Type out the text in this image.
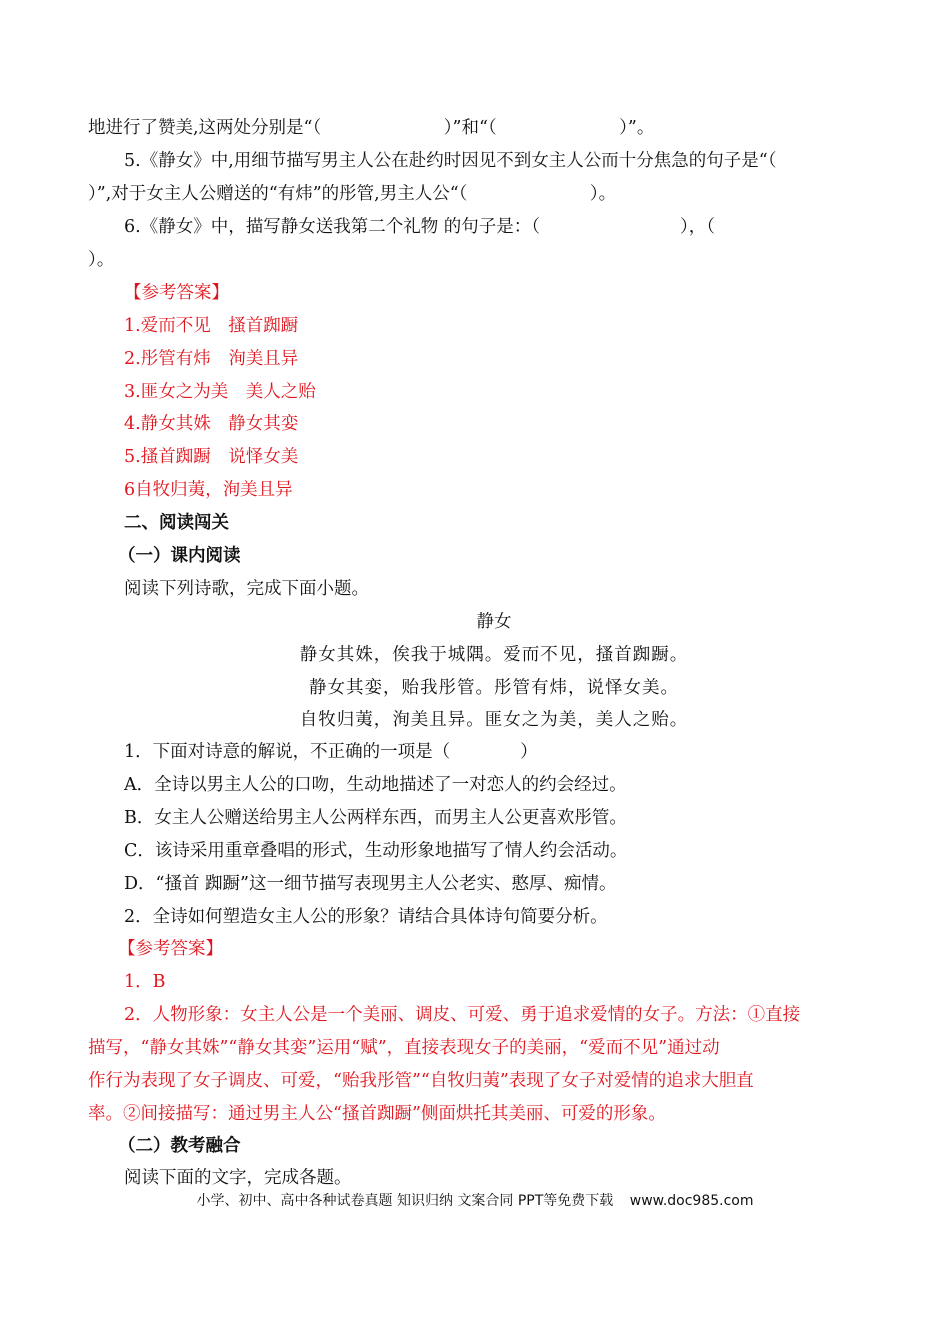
地进行了赞美,这两处分别是“（　　　　　　　）”和“（　　　　　　　）”。

5.《静女》中,用细节描写男主人公在赴约时因见不到女主人公而十分焦急的句子是“（

）”,对于女主人公赠送的“有炜”的彤管,男主人公“（　　　　　　　）。

6.《静女》中，描写静女送我第二个礼物 的句子是：（　　　　　　　　），（

）。

【参考答案】

1.爱而不见　搔首踟蹰

2.彤管有炜　洵美且异

3.匪女之为美　美人之贻

4.静女其姝　静女其娈

5.搔首踟蹰　说怿女美

6自牧归荑，洵美且异

二、阅读闯关

（一）课内阅读

阅读下列诗歌，完成下面小题。

静女

静女其姝，俟我于城隅。爱而不见，搔首踟蹰。

静女其娈，贻我彤管。彤管有炜，说怿女美。

自牧归荑，洵美且异。匪女之为美，美人之贻。

1．下面对诗意的解说，不正确的一项是（　　　　）

A．全诗以男主人公的口吻，生动地描述了一对恋人的约会经过。

B．女主人公赠送给男主人公两样东西，而男主人公更喜欢彤管。

C．该诗采用重章叠唱的形式，生动形象地描写了情人约会活动。

D．“搔首 踟蹰”这一细节描写表现男主人公老实、憨厚、痴情。

2．全诗如何塑造女主人公的形象？请结合具体诗句简要分析。

【参考答案】

1．B

2．人物形象：女主人公是一个美丽、调皮、可爱、勇于追求爱情的女子。方法：①直接

描写，“静女其姝”“静女其娈”运用“赋”，直接表现女子的美丽，“爱而不见”通过动

作行为表现了女子调皮、可爱，“贻我彤管”“自牧归荑”表现了女子对爱情的追求大胆直

率。②间接描写：通过男主人公“搔首踟蹰”侧面烘托其美丽、可爱的形象。

（二）教考融合

阅读下面的文字，完成各题。

小学、初中、高中各种试卷真题 知识归纳 文案合同 PPT等免费下载 www.doc985.com
